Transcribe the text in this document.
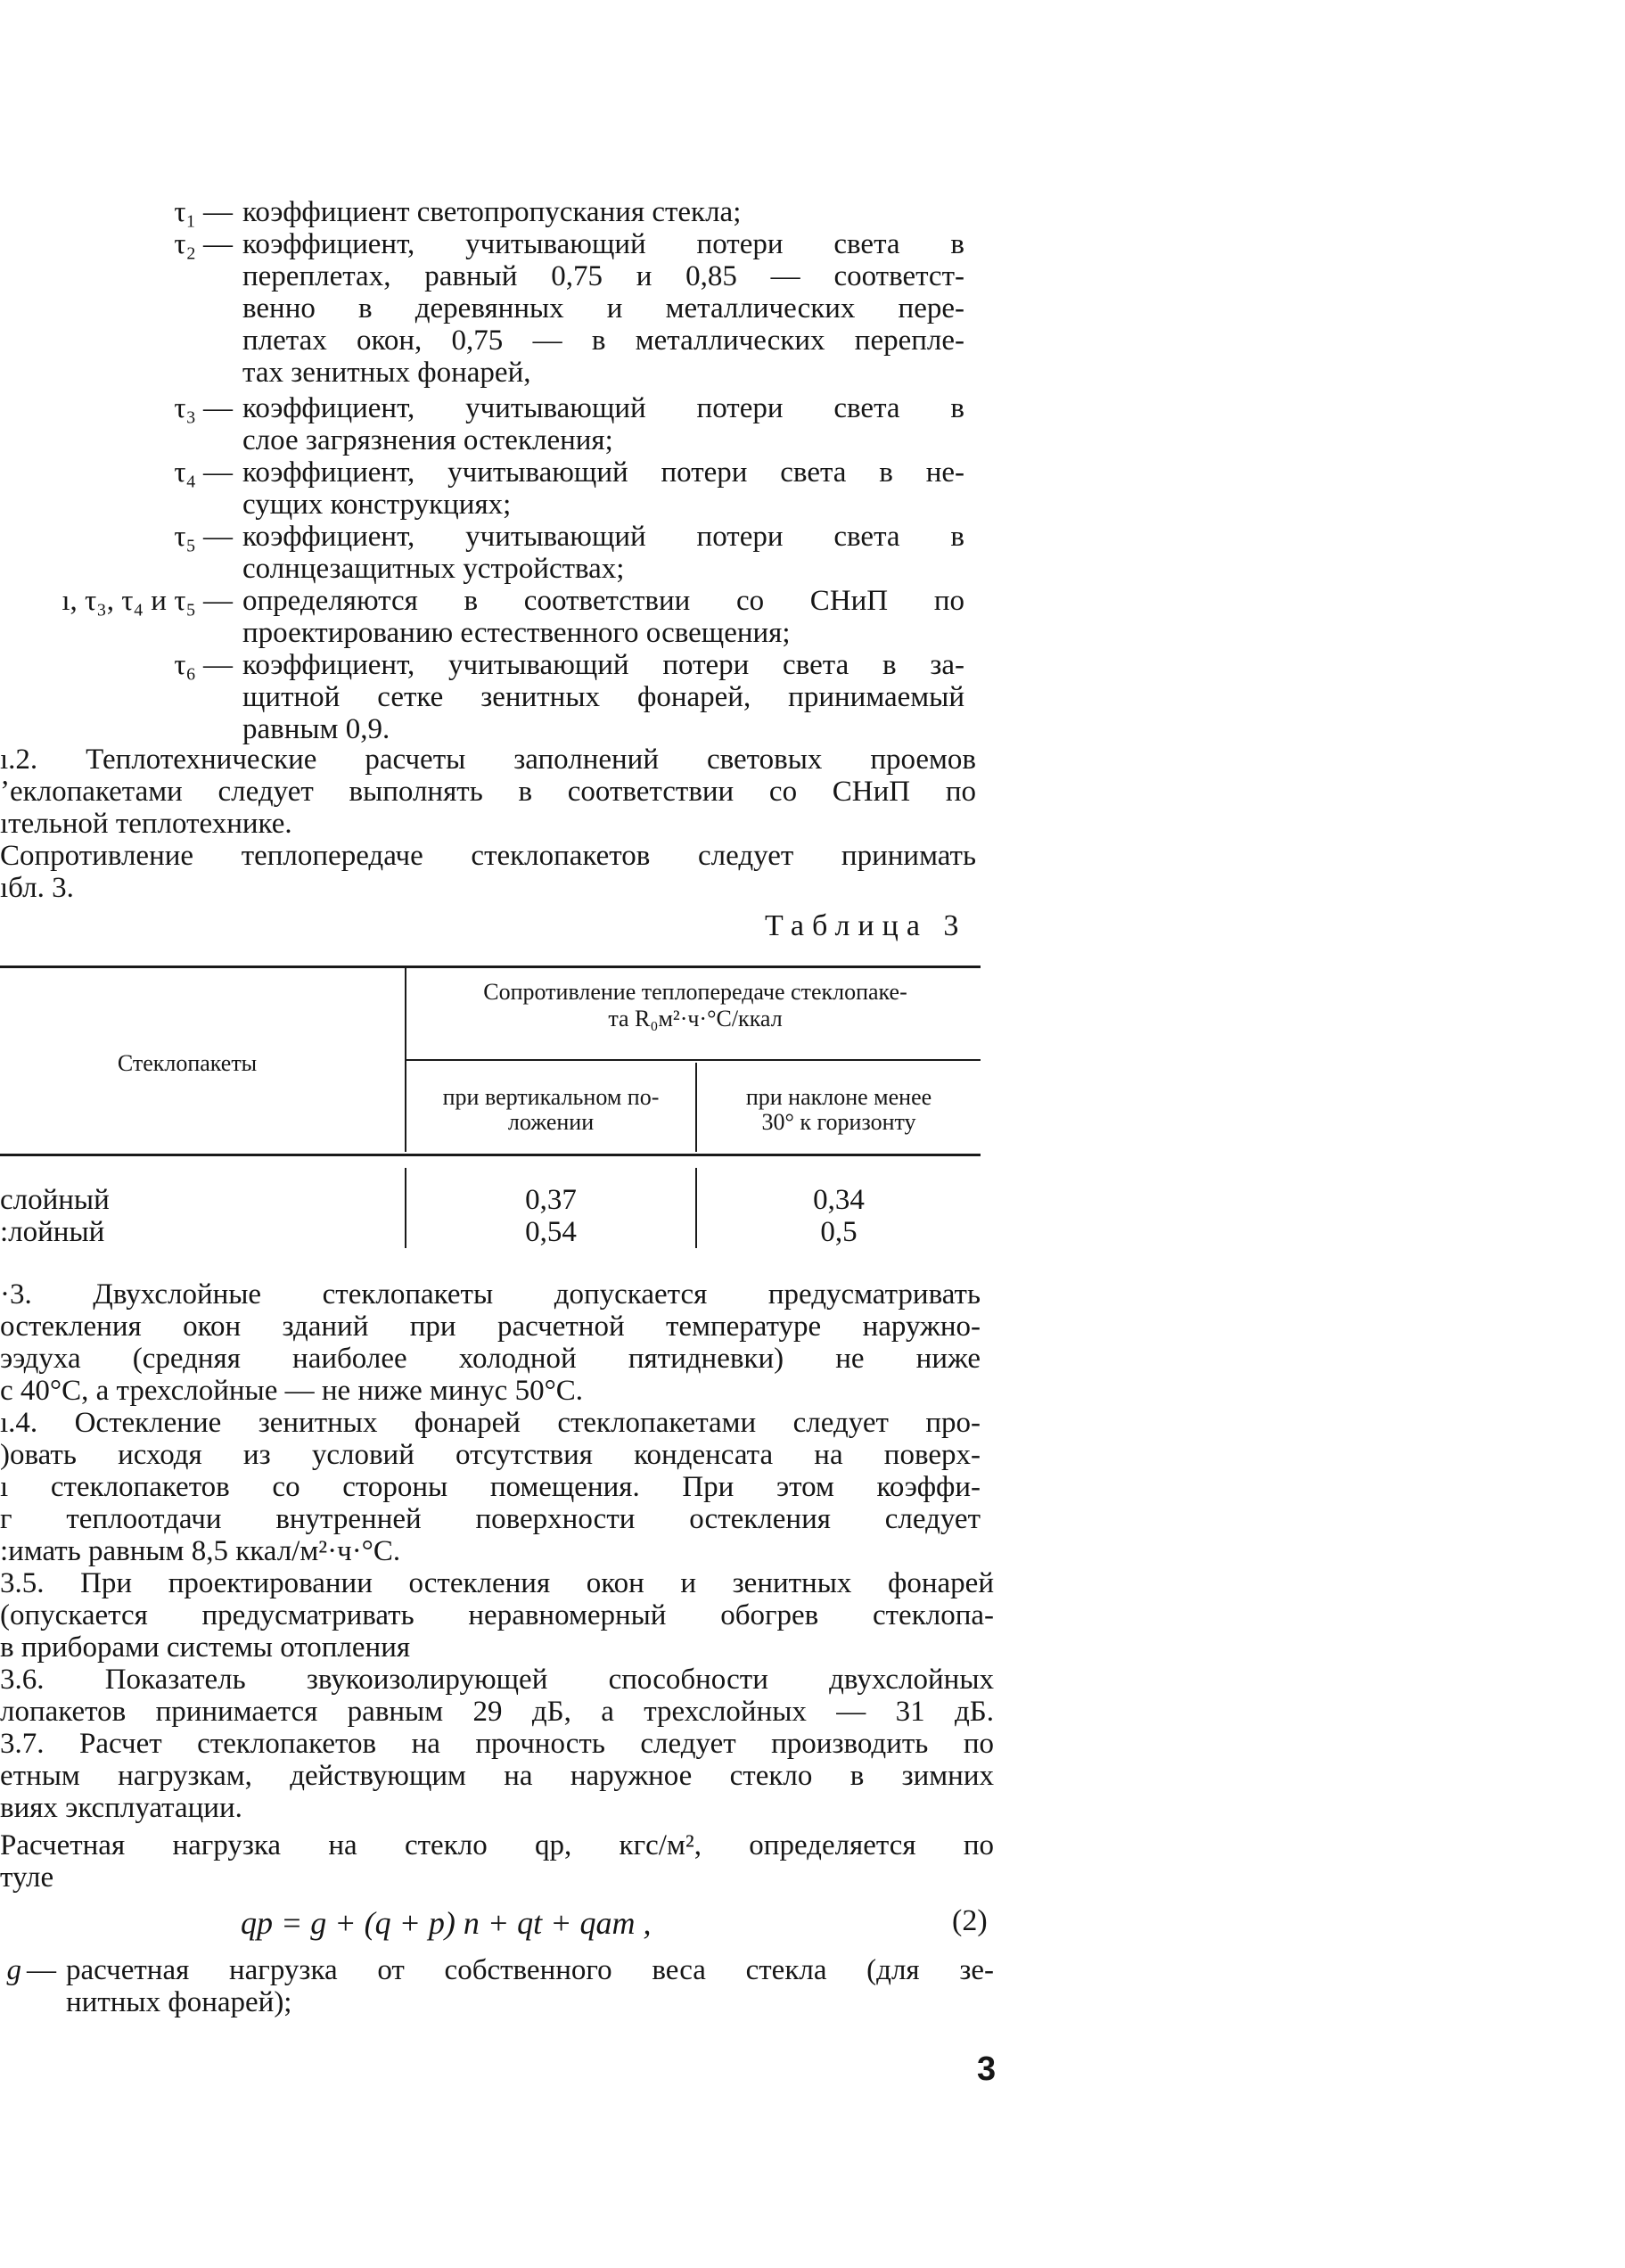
τ₁ — коэффициент светопропускания стекла;
τ₂ — коэффициент, учитывающий потери света в
переплетах, равный 0,75 и 0,85 — соответст-
венно в деревянных и металлических пере-
плетах окон, 0,75 — в металлических перепле-
тах зенитных фонарей,
τ₃ — коэффициент, учитывающий потери света в
слое загрязнения остекления;
τ₄ — коэффициент, учитывающий потери света в не-
сущих конструкциях;
τ₅ — коэффициент, учитывающий потери света в
солнцезащитных устройствах;
ı, τ₃, τ₄ и τ₅ — определяются в соответствии со СНиП по
проектированию естественного освещения;
τ₆ — коэффициент, учитывающий потери света в за-
щитной сетке зенитных фонарей, принимаемый
равным 0,9.
ı.2. Теплотехнические расчеты заполнений световых проемов
ʼеклопакетами следует выполнять в соответствии со СНиП по
ıтельной теплотехнике.
Сопротивление теплопередаче стеклопакетов следует принимать
ıбл. 3.
Таблица 3
Стеклопакеты
Сопротивление теплопередаче стеклопаке-
та R₀м²·ч·°С/ккал
при вертикальном по-
ложении
при наклоне менее
30° к горизонту
слойный	0,37	0,34
:лойный	0,54	0,5
·3. Двухслойные стеклопакеты допускается предусматривать
остекления окон зданий при расчетной температуре наружно-
ээдуха (средняя наиболее холодной пятидневки) не ниже
с 40°С, а трехслойные — не ниже минус 50°С.
ı.4. Остекление зенитных фонарей стеклопакетами следует про-
)овать исходя из условий отсутствия конденсата на поверх-
ı стеклопакетов со стороны помещения. При этом коэффи-
г теплоотдачи внутренней поверхности остекления следует
:имать равным 8,5 ккал/м²·ч·°С.
3.5. При проектировании остекления окон и зенитных фонарей
(опускается предусматривать неравномерный обогрев стеклопа-
в приборами системы отопления
3.6. Показатель звукоизолирующей способности двухслойных
лопакетов принимается равным 29 дБ, а трехслойных — 31 дБ.
3.7. Расчет стеклопакетов на прочность следует производить по
етным нагрузкам, действующим на наружное стекло в зимних
виях эксплуатации.
Расчетная нагрузка на стекло qр, кгс/м², определяется по
туле
qр = g + (q + p) n + qt + qат ,	(2)
g — расчетная нагрузка от собственного веса стекла (для зе-
нитных фонарей);
3
